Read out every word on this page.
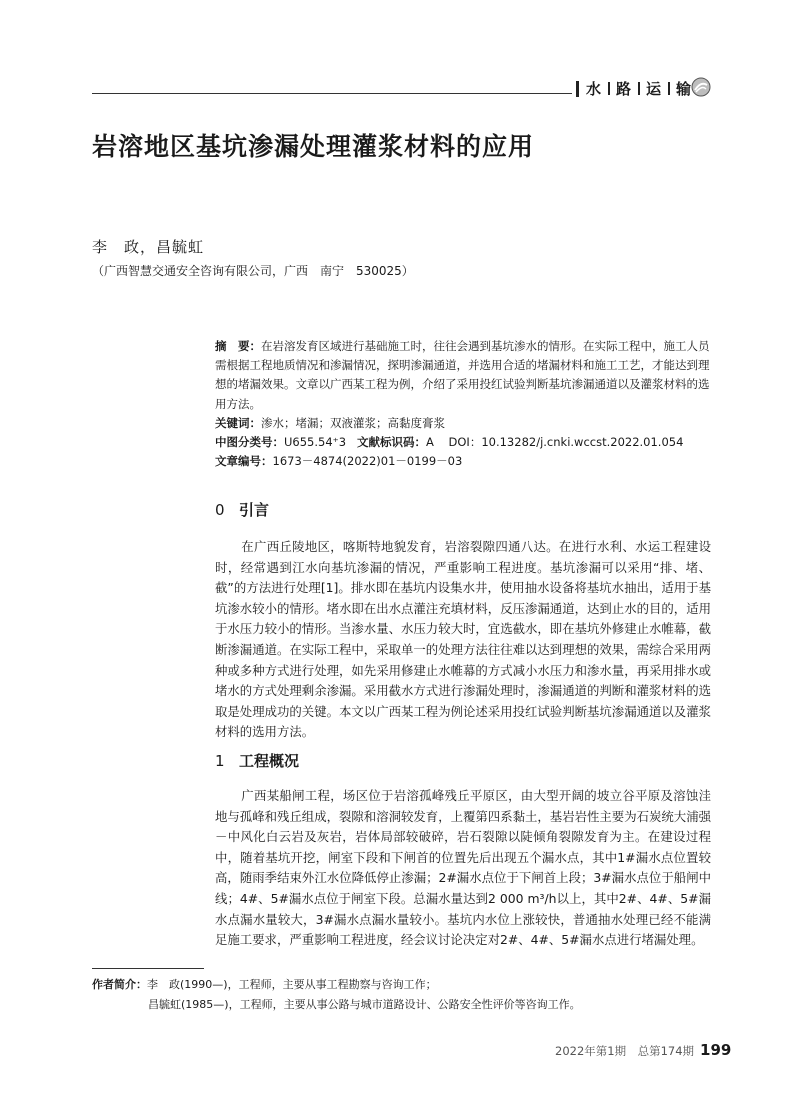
水 路 运 输
岩溶地区基坑渗漏处理灌浆材料的应用
李　政，昌毓虹
（广西智慧交通安全咨询有限公司，广西　南宁　530025）

摘　要：在岩溶发育区域进行基础施工时，往往会遇到基坑渗水的情形。在实际工程中，施工人员需根据工程地质情况和渗漏情况，探明渗漏通道，并选用合适的堵漏材料和施工工艺，才能达到理想的堵漏效果。文章以广西某工程为例，介绍了采用投红试验判断基坑渗漏通道以及灌浆材料的选用方法。

关键词：渗水；堵漏；双液灌浆；高黏度膏浆

中图分类号：U655.54⁺3 文献标识码：A DOI：10.13282/j.cnki.wccst.2022.01.054

文章编号：1673－4874(2022)01－0199－03

0 引言

在广西丘陵地区，喀斯特地貌发育，岩溶裂隙四通八达。在进行水利、水运工程建设时，经常遇到江水向基坑渗漏的情况，严重影响工程进度。基坑渗漏可以采用“排、堵、截”的方法进行处理[1]。排水即在基坑内设集水井，使用抽水设备将基坑水抽出，适用于基坑渗水较小的情形。堵水即在出水点灌注充填材料，反压渗漏通道，达到止水的目的，适用于水压力较小的情形。当渗水量、水压力较大时，宜选截水，即在基坑外修建止水帷幕，截断渗漏通道。在实际工程中，采取单一的处理方法往往难以达到理想的效果，需综合采用两种或多种方式进行处理，如先采用修建止水帷幕的方式减小水压力和渗水量，再采用排水或堵水的方式处理剩余渗漏。采用截水方式进行渗漏处理时，渗漏通道的判断和灌浆材料的选取是处理成功的关键。本文以广西某工程为例论述采用投红试验判断基坑渗漏通道以及灌浆材料的选用方法。

1 工程概况

广西某船闸工程，场区位于岩溶孤峰残丘平原区，由大型开阔的坡立谷平原及溶蚀洼地与孤峰和残丘组成，裂隙和溶洞较发育，上覆第四系黏土，基岩岩性主要为石炭统大浦强－中风化白云岩及灰岩，岩体局部较破碎，岩石裂隙以陡倾角裂隙发育为主。在建设过程中，随着基坑开挖，闸室下段和下闸首的位置先后出现五个漏水点，其中1#漏水点位置较高，随雨季结束外江水位降低停止渗漏；2#漏水点位于下闸首上段；3#漏水点位于船闸中线；4#、5#漏水点位于闸室下段。总漏水量达到2 000 m³/h以上，其中2#、4#、5#漏水点漏水量较大，3#漏水点漏水量较小。基坑内水位上涨较快，普通抽水处理已经不能满足施工要求，严重影响工程进度，经会议讨论决定对2#、4#、5#漏水点进行堵漏处理。

作者简介：李　政(1990—)，工程师，主要从事工程勘察与咨询工作；
昌毓虹(1985—)，工程师，主要从事公路与城市道路设计、公路安全性评价等咨询工作。
2022年第1期　总第174期 199
